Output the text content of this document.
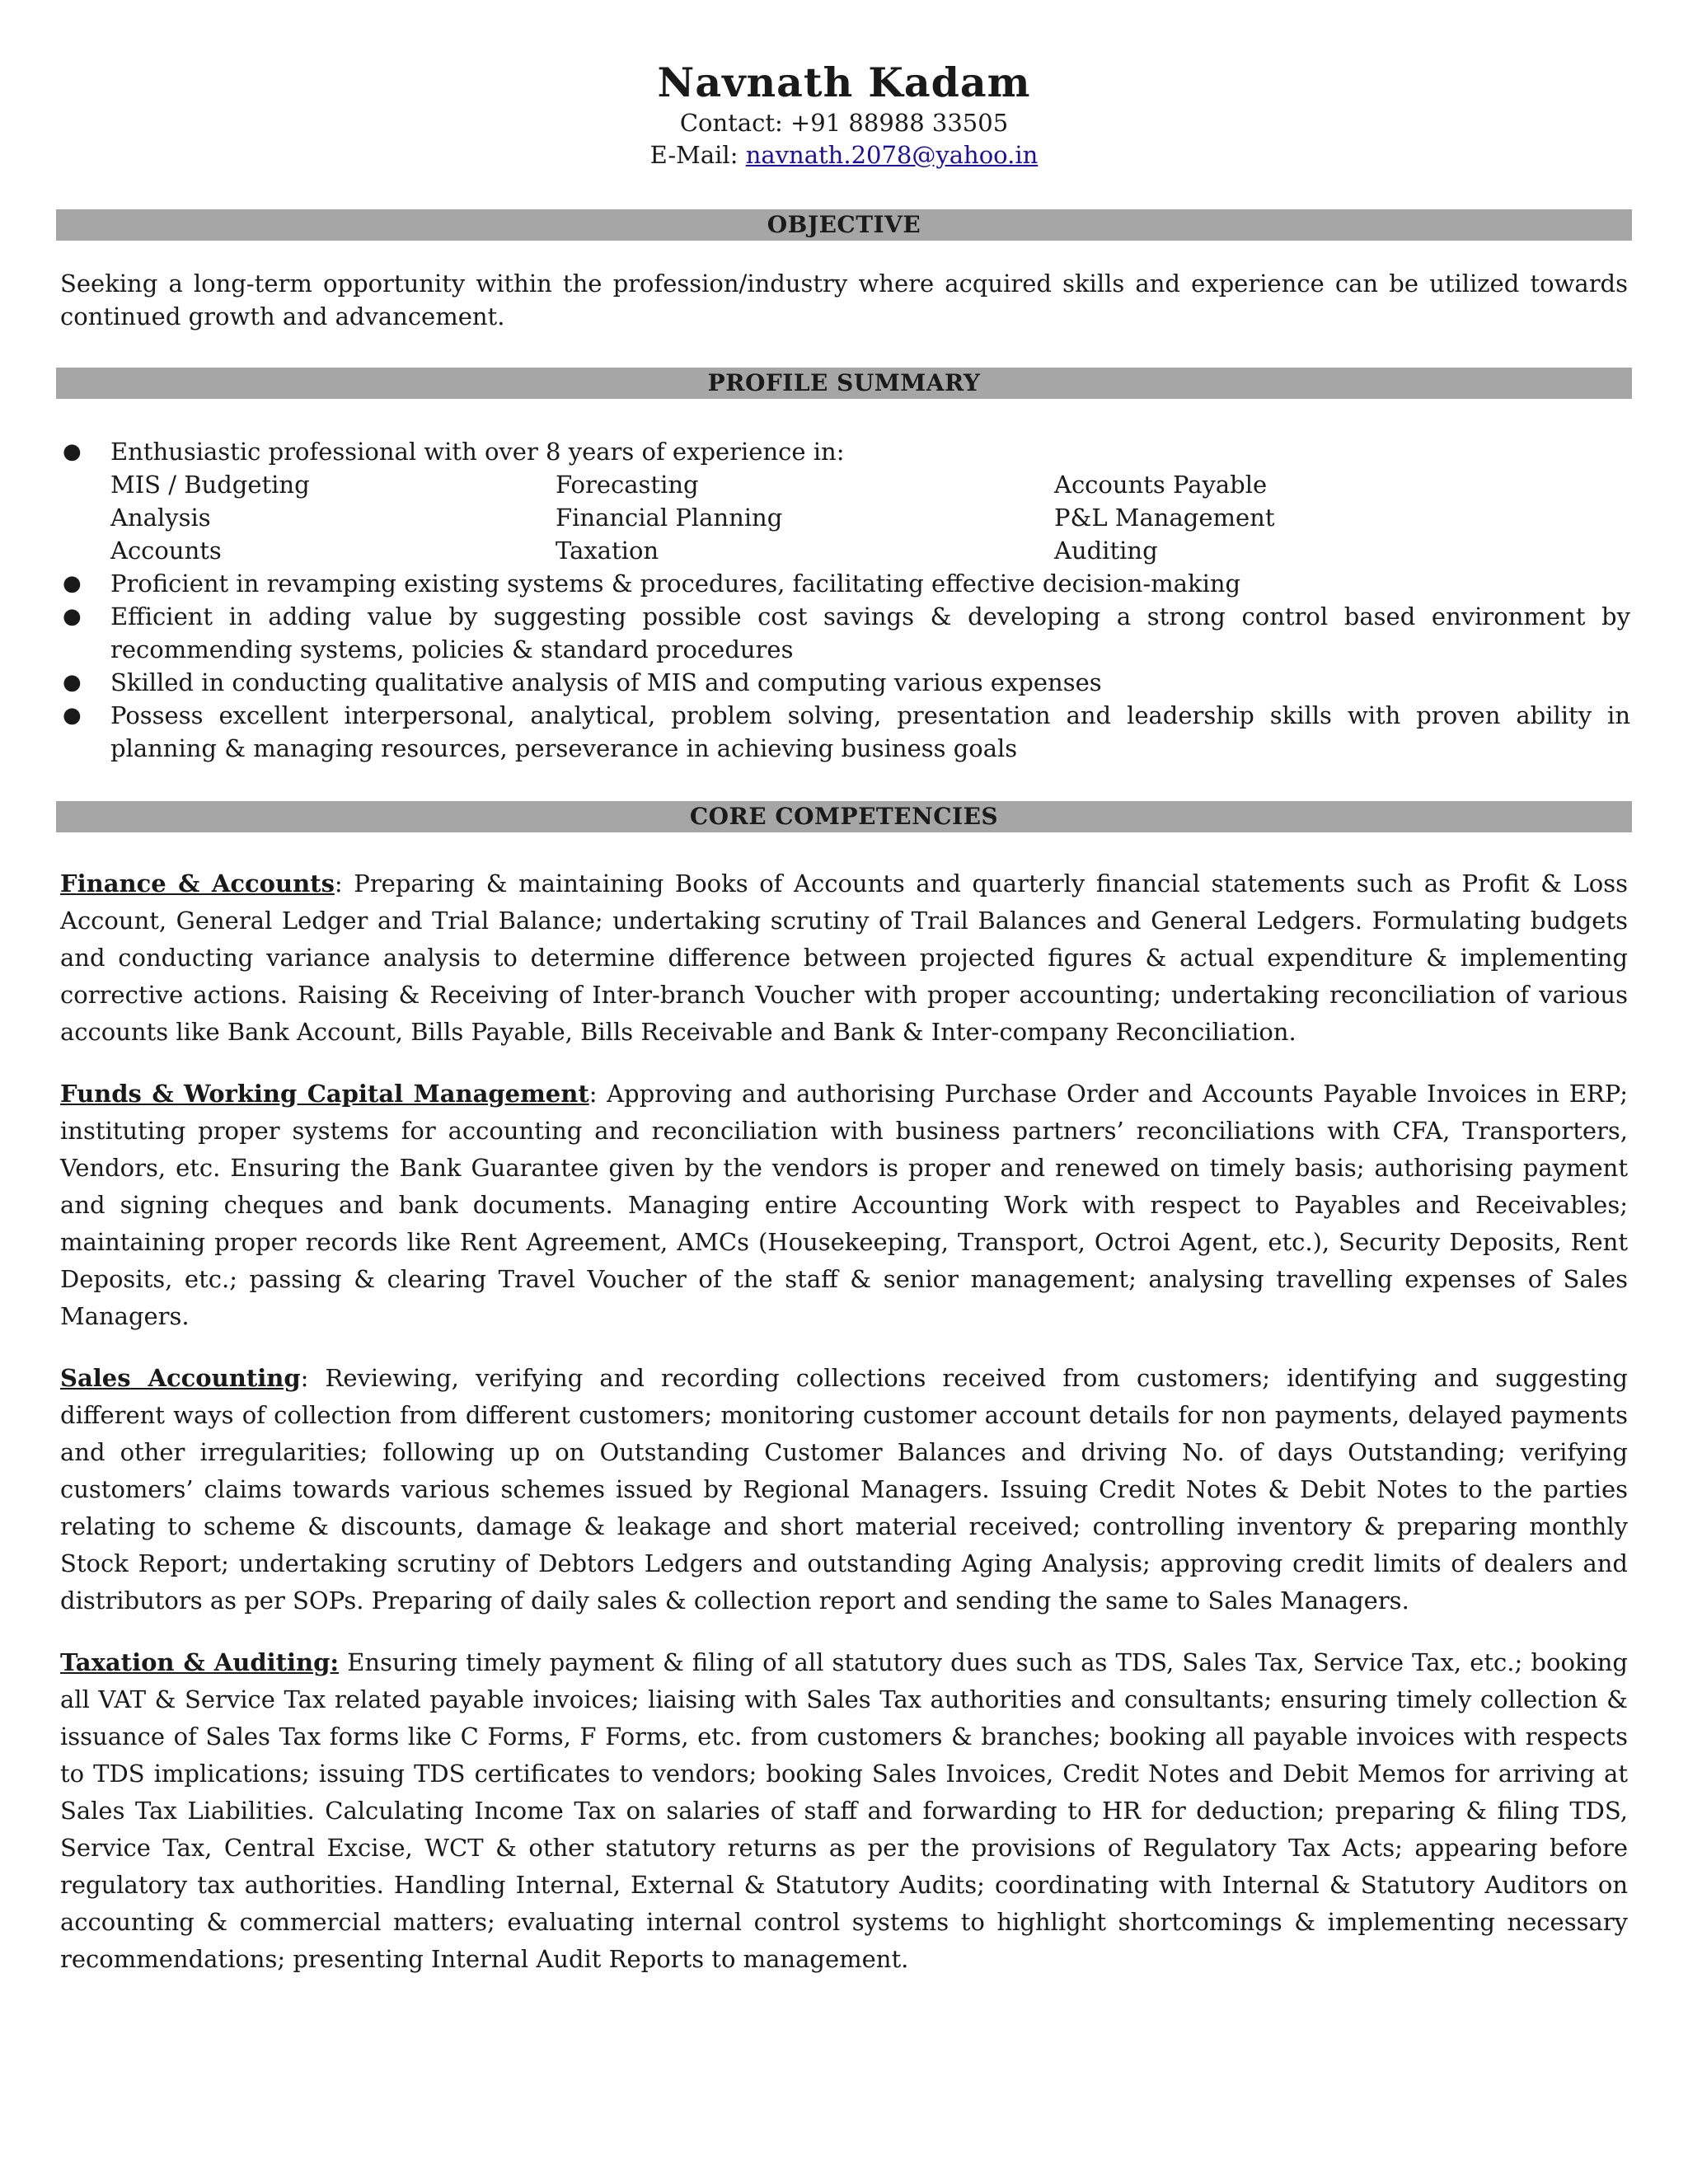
Navnath Kadam

Contact: +91 88988 33505

E-Mail: navnath.2078@yahoo.in

OBJECTIVE

Seeking a long-term opportunity within the profession/industry where acquired skills and experience can be utilized towards continued growth and advancement.

PROFILE SUMMARY
● Enthusiastic professional with over 8 years of experience in:
MIS / Budgeting	Forecasting	Accounts Payable
Analysis	Financial Planning	P&L Management
Accounts	Taxation	Auditing
● Proficient in revamping existing systems & procedures, facilitating effective decision-making
● Efficient in adding value by suggesting possible cost savings & developing a strong control based environment by recommending systems, policies & standard procedures
● Skilled in conducting qualitative analysis of MIS and computing various expenses
● Possess excellent interpersonal, analytical, problem solving, presentation and leadership skills with proven ability in planning & managing resources, perseverance in achieving business goals
CORE COMPETENCIES

Finance & Accounts: Preparing & maintaining Books of Accounts and quarterly financial statements such as Profit & Loss Account, General Ledger and Trial Balance; undertaking scrutiny of Trail Balances and General Ledgers. Formulating budgets and conducting variance analysis to determine difference between projected figures & actual expenditure & implementing corrective actions. Raising & Receiving of Inter-branch Voucher with proper accounting; undertaking reconciliation of various accounts like Bank Account, Bills Payable, Bills Receivable and Bank & Inter-company Reconciliation.

Funds & Working Capital Management: Approving and authorising Purchase Order and Accounts Payable Invoices in ERP; instituting proper systems for accounting and reconciliation with business partners’ reconciliations with CFA, Transporters, Vendors, etc. Ensuring the Bank Guarantee given by the vendors is proper and renewed on timely basis; authorising payment and signing cheques and bank documents. Managing entire Accounting Work with respect to Payables and Receivables; maintaining proper records like Rent Agreement, AMCs (Housekeeping, Transport, Octroi Agent, etc.), Security Deposits, Rent Deposits, etc.; passing & clearing Travel Voucher of the staff & senior management; analysing travelling expenses of Sales Managers.

Sales Accounting: Reviewing, verifying and recording collections received from customers; identifying and suggesting different ways of collection from different customers; monitoring customer account details for non payments, delayed payments and other irregularities; following up on Outstanding Customer Balances and driving No. of days Outstanding; verifying customers’ claims towards various schemes issued by Regional Managers. Issuing Credit Notes & Debit Notes to the parties relating to scheme & discounts, damage & leakage and short material received; controlling inventory & preparing monthly Stock Report; undertaking scrutiny of Debtors Ledgers and outstanding Aging Analysis; approving credit limits of dealers and distributors as per SOPs. Preparing of daily sales & collection report and sending the same to Sales Managers.

Taxation & Auditing: Ensuring timely payment & filing of all statutory dues such as TDS, Sales Tax, Service Tax, etc.; booking all VAT & Service Tax related payable invoices; liaising with Sales Tax authorities and consultants; ensuring timely collection & issuance of Sales Tax forms like C Forms, F Forms, etc. from customers & branches; booking all payable invoices with respects to TDS implications; issuing TDS certificates to vendors; booking Sales Invoices, Credit Notes and Debit Memos for arriving at Sales Tax Liabilities. Calculating Income Tax on salaries of staff and forwarding to HR for deduction; preparing & filing TDS, Service Tax, Central Excise, WCT & other statutory returns as per the provisions of Regulatory Tax Acts; appearing before regulatory tax authorities. Handling Internal, External & Statutory Audits; coordinating with Internal & Statutory Auditors on accounting & commercial matters; evaluating internal control systems to highlight shortcomings & implementing necessary recommendations; presenting Internal Audit Reports to management.
